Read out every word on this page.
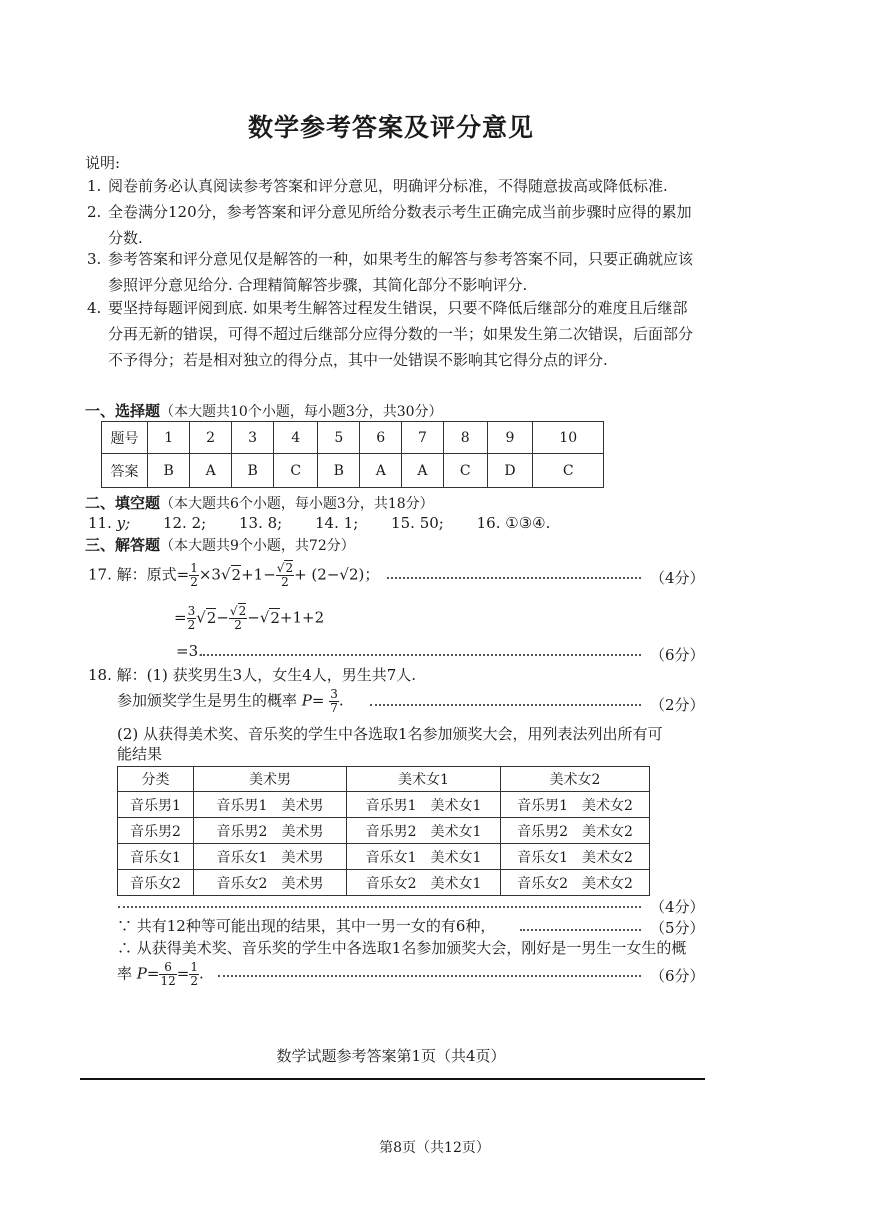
数学参考答案及评分意见
说明:
1. 阅卷前务必认真阅读参考答案和评分意见，明确评分标准，不得随意拔高或降低标准.
2. 全卷满分120分，参考答案和评分意见所给分数表示考生正确完成当前步骤时应得的累加分数.
3. 参考答案和评分意见仅是解答的一种，如果考生的解答与参考答案不同，只要正确就应该参照评分意见给分. 合理精简解答步骤，其简化部分不影响评分.
4. 要坚持每题评阅到底. 如果考生解答过程发生错误，只要不降低后继部分的难度且后继部分再无新的错误，可得不超过后继部分应得分数的一半；如果发生第二次错误，后面部分不予得分；若是相对独立的得分点，其中一处错误不影响其它得分点的评分.
一、选择题（本大题共10个小题，每小题3分，共30分）
题号	1	2	3	4	5	6	7	8	9	10
答案	B	A	B	C	B	A	A	C	D	C
二、填空题（本大题共6个小题，每小题3分，共18分）
11. y; 12. 2; 13. 8; 14. 1; 15. 50; 16. ①③④.
三、解答题（本大题共9个小题，共72分）
17. 解：原式= $\frac{1}{2} \times 3√2+1- \frac{√2}{2} + (2-√2)$；	（4分）
= $\frac{3}{2} √2- \frac{√2}{2} -√2+1+2$
=3.	（6分）
18. 解：(1) 获奖男生3人，女生4人，男生共7人.
参加颁奖学生是男生的概率 $P= \frac{3}{7}$ .	（2分）
(2) 从获得美术奖、音乐奖的学生中各选取1名参加颁奖大会，用列表法列出所有可
能结果
分类	美术男	美术女1	美术女2
音乐男1	音乐男1　美术男	音乐男1　美术女1	音乐男1　美术女2
音乐男2	音乐男2　美术男	音乐男2　美术女1	音乐男2　美术女2
音乐女1	音乐女1　美术男	音乐女1　美术女1	音乐女1　美术女2
音乐女2	音乐女2　美术男	音乐女2　美术女1	音乐女2　美术女2
（4分）
∵ 共有12种等可能出现的结果，其中一男一女的有6种，	（5分）
∴ 从获得美术奖、音乐奖的学生中各选取1名参加颁奖大会，刚好是一男生一女生的概
率 $P= \frac{6}{12} = \frac{1}{2}$ .	（6分）
数学试题参考答案第1页（共4页）
第8页（共12页）
